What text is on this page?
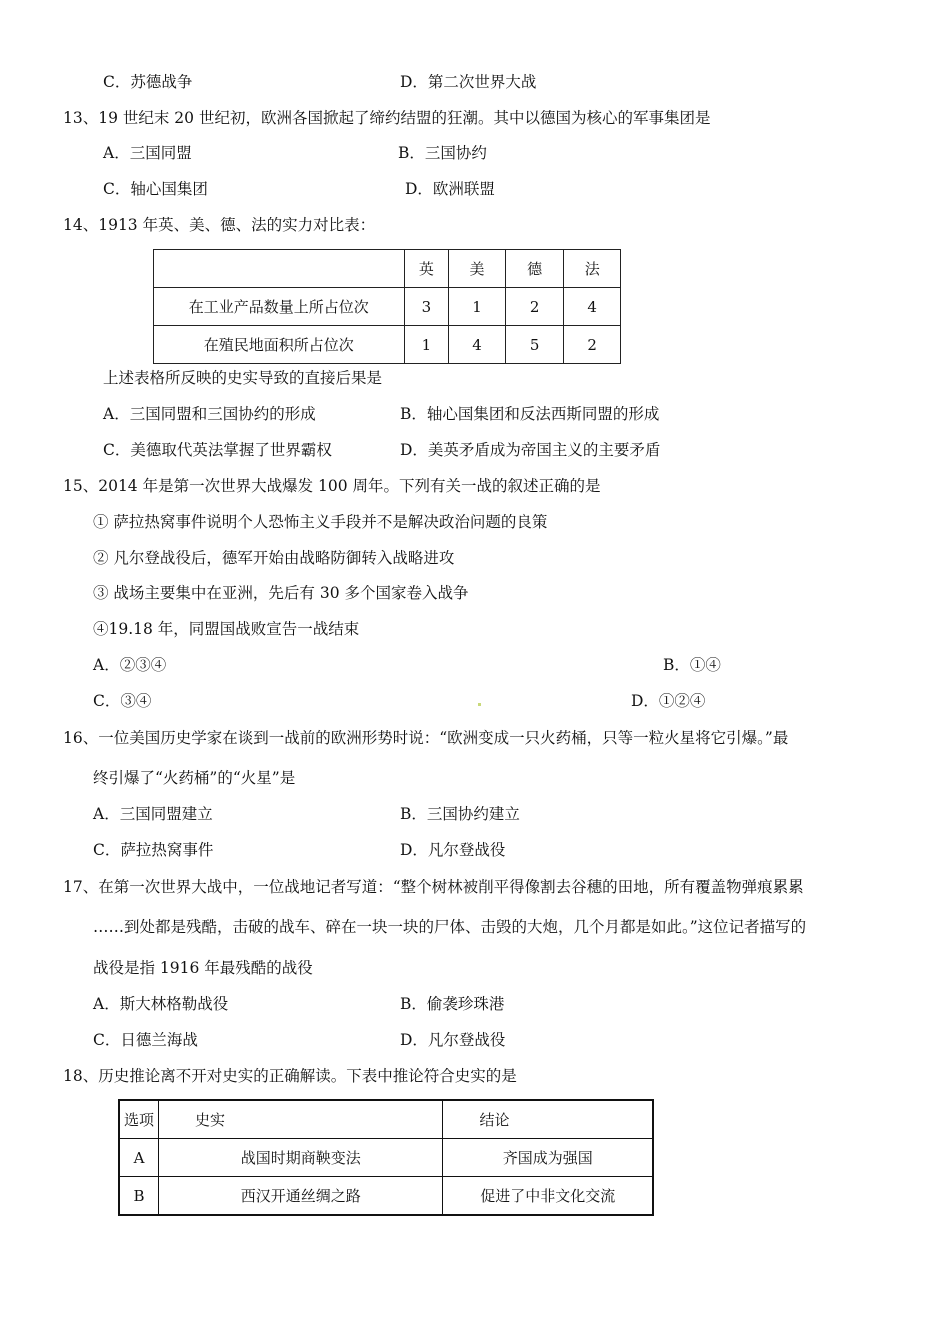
C．苏德战争	D．第二次世界大战
13、19 世纪末 20 世纪初，欧洲各国掀起了缔约结盟的狂潮。其中以德国为核心的军事集团是
A．三国同盟	B．三国协约
C．轴心国集团	D．欧洲联盟
14、1913 年英、美、德、法的实力对比表：
	英	美	德	法
在工业产品数量上所占位次	3	1	2	4
在殖民地面积所占位次	1	4	5	2
上述表格所反映的史实导致的直接后果是
A．三国同盟和三国协约的形成	B．轴心国集团和反法西斯同盟的形成
C．美德取代英法掌握了世界霸权	D．美英矛盾成为帝国主义的主要矛盾
15、2014 年是第一次世界大战爆发 100 周年。下列有关一战的叙述正确的是
① 萨拉热窝事件说明个人恐怖主义手段并不是解决政治问题的良策
② 凡尔登战役后，德军开始由战略防御转入战略进攻
③ 战场主要集中在亚洲，先后有 30 多个国家卷入战争
④19.18 年，同盟国战败宣告一战结束
A．②③④	B．①④
C．③④	D．①②④
16、一位美国历史学家在谈到一战前的欧洲形势时说：“欧洲变成一只火药桶，只等一粒火星将它引爆。”最
终引爆了“火药桶”的“火星”是
A．三国同盟建立	B．三国协约建立
C．萨拉热窝事件	D．凡尔登战役
17、在第一次世界大战中，一位战地记者写道：“整个树林被削平得像割去谷穗的田地，所有覆盖物弹痕累累
……到处都是残酷，击破的战车、碎在一块一块的尸体、击毁的大炮，几个月都是如此。”这位记者描写的
战役是指 1916 年最残酷的战役
A．斯大林格勒战役	B．偷袭珍珠港
C．日德兰海战	D．凡尔登战役
18、历史推论离不开对史实的正确解读。下表中推论符合史实的是
选项	史实	结论
A	战国时期商鞅变法	齐国成为强国
B	西汉开通丝绸之路	促进了中非文化交流
